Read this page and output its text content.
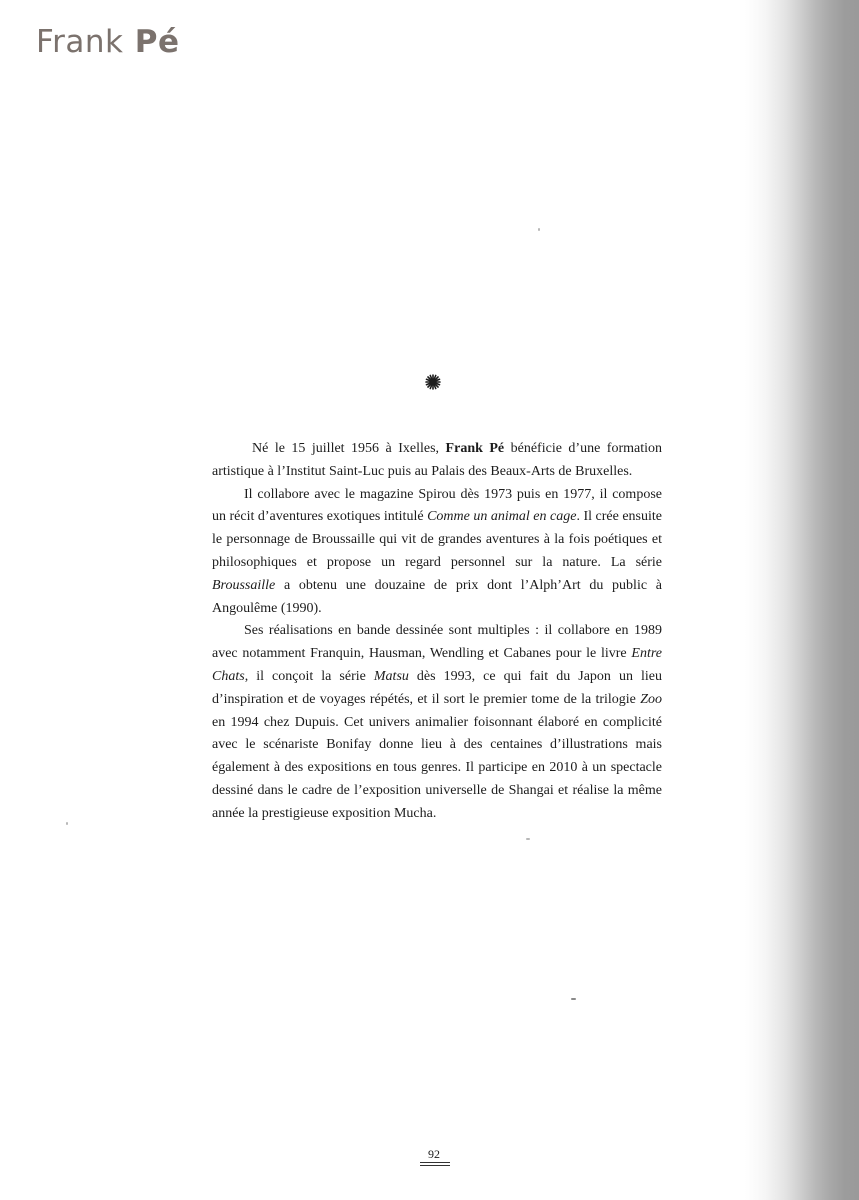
Frank Pé

Né le 15 juillet 1956 à Ixelles, Frank Pé bénéficie d’une formation artistique à l’Institut Saint-Luc puis au Palais des Beaux-Arts de Bruxelles.

Il collabore avec le magazine Spirou dès 1973 puis en 1977, il compose un récit d’aventures exotiques intitulé Comme un animal en cage. Il crée ensuite le personnage de Broussaille qui vit de grandes aventures à la fois poétiques et philosophiques et propose un regard personnel sur la nature. La série Broussaille a obtenu une douzaine de prix dont l’Alph’Art du public à Angoulême (1990).

Ses réalisations en bande dessinée sont multiples : il collabore en 1989 avec notamment Franquin, Hausman, Wendling et Cabanes pour le livre Entre Chats, il conçoit la série Matsu dès 1993, ce qui fait du Japon un lieu d’inspiration et de voyages répétés, et il sort le premier tome de la trilogie Zoo en 1994 chez Dupuis. Cet univers animalier foisonnant élaboré en complicité avec le scénariste Bonifay donne lieu à des centaines d’illustrations mais également à des expositions en tous genres. Il participe en 2010 à un spectacle dessiné dans le cadre de l’exposition universelle de Shangai et réalise la même année la prestigieuse exposition Mucha.

92
